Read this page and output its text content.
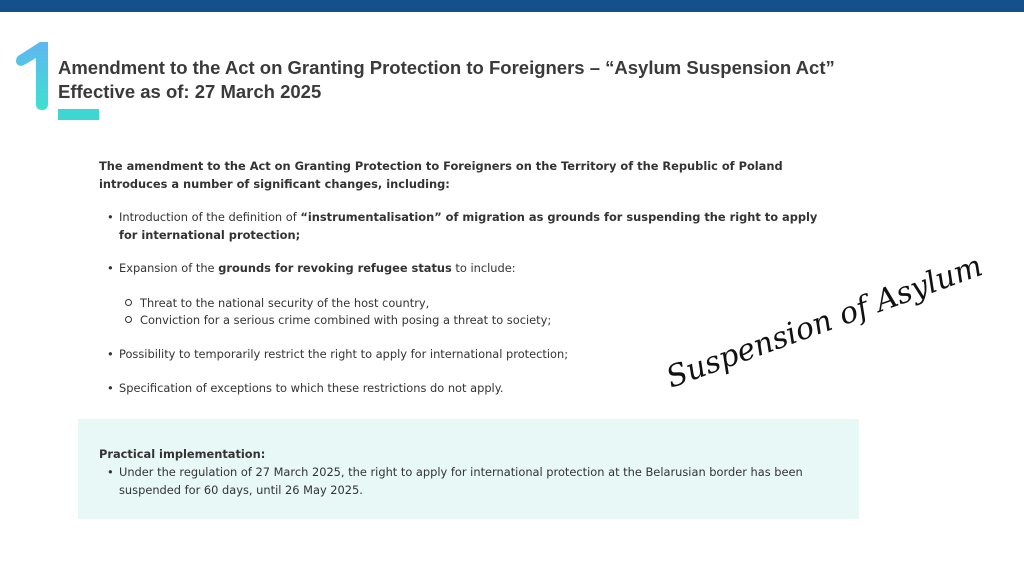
Amendment to the Act on Granting Protection to Foreigners – “Asylum Suspension Act”
Effective as of: 27 March 2025

The amendment to the Act on Granting Protection to Foreigners on the Territory of the Republic of Poland introduces a number of significant changes, including:

• Introduction of the definition of “instrumentalisation” of migration as grounds for suspending the right to apply for international protection;
• Expansion of the grounds for revoking refugee status to include:
Threat to the national security of the host country,
Conviction for a serious crime combined with posing a threat to society;
• Possibility to temporarily restrict the right to apply for international protection;
• Specification of exceptions to which these restrictions do not apply.
Practical implementation:
• Under the regulation of 27 March 2025, the right to apply for international protection at the Belarusian border has been suspended for 60 days, until 26 May 2025.
Suspension of Asylum
